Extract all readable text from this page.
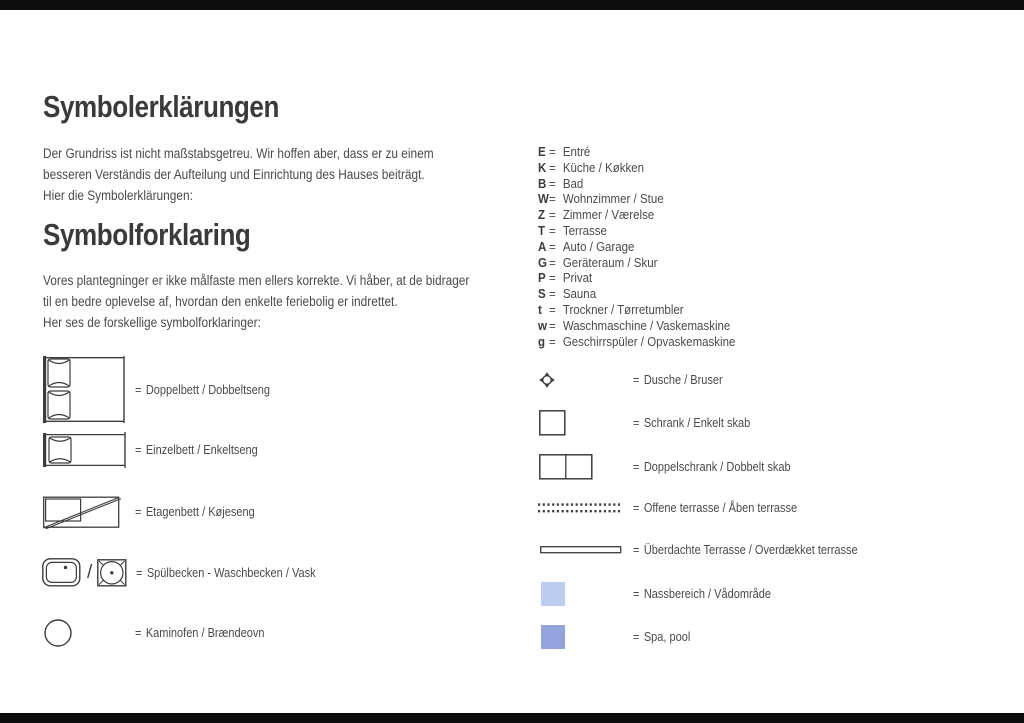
Symbolerklärungen
Der Grundriss ist nicht maßstabsgetreu. Wir hoffen aber, dass er zu einem
besseren Verständis der Aufteilung und Einrichtung des Hauses beiträgt.
Hier die Symbolerklärungen:
Symbolforklaring
Vores plantegninger er ikke målfaste men ellers korrekte. Vi håber, at de bidrager
til en bedre oplevelse af, hvordan den enkelte feriebolig er indrettet.
Her ses de forskellige symbolforklaringer:
E = Entré
K = Küche / Køkken
B = Bad
W= Wohnzimmer / Stue
Z = Zimmer / Værelse
T = Terrasse
A = Auto / Garage
G = Geräteraum / Skur
P = Privat
S = Sauna
t = Trockner / Tørretumbler
w = Waschmaschine / Vaskemaskine
g = Geschirrspüler / Opvaskemaskine
= Doppelbett / Dobbeltseng
= Einzelbett / Enkeltseng
= Etagenbett / Køjeseng
/	= Spülbecken - Waschbecken / Vask
= Kaminofen / Brændeovn
= Dusche / Bruser
= Schrank / Enkelt skab
= Doppelschrank / Dobbelt skab
= Offene terrasse / Åben terrasse
= Überdachte Terrasse / Overdækket terrasse
= Nassbereich / Vådområde
= Spa, pool
